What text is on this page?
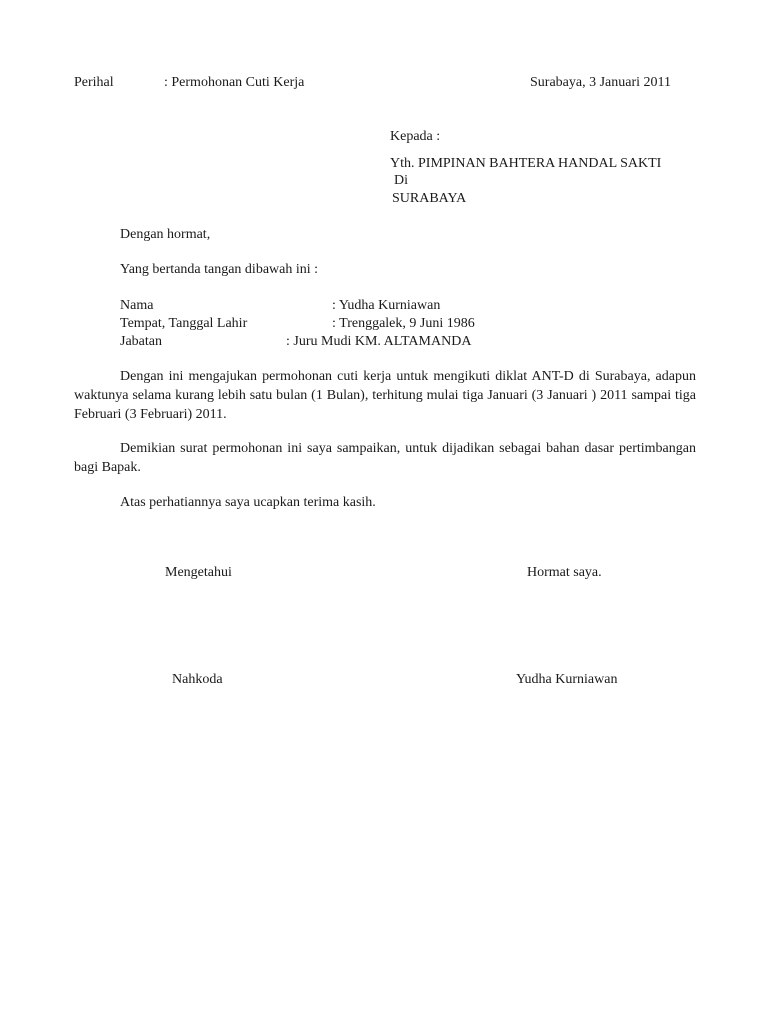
Perihal	: Permohonan Cuti Kerja	Surabaya, 3 Januari 2011
Kepada :
Yth. PIMPINAN BAHTERA HANDAL SAKTI
Di
SURABAYA
Dengan hormat,
Yang bertanda tangan dibawah ini :
Nama	: Yudha Kurniawan
Tempat, Tanggal Lahir	: Trenggalek, 9 Juni 1986
Jabatan	: Juru Mudi KM. ALTAMANDA

Dengan ini mengajukan permohonan cuti kerja untuk mengikuti diklat ANT-D di Surabaya, adapun waktunya selama kurang lebih satu bulan (1 Bulan), terhitung mulai tiga Januari (3 Januari ) 2011 sampai tiga Februari (3 Februari) 2011.

Demikian surat permohonan ini saya sampaikan, untuk dijadikan sebagai bahan dasar pertimbangan bagi Bapak.

Atas perhatiannya saya ucapkan terima kasih.
Mengetahui	Hormat saya.
Nahkoda	Yudha Kurniawan
